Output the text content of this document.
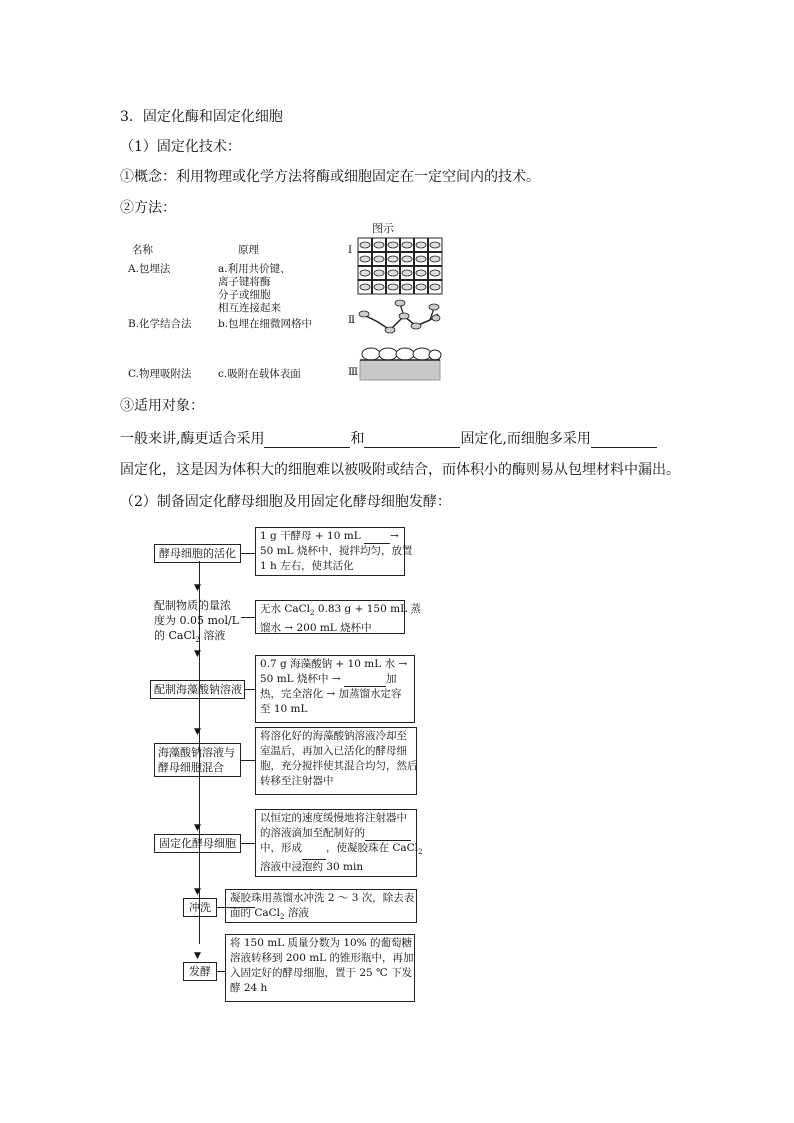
3．固定化酶和固定化细胞
（1）固定化技术：
①概念：利用物理或化学方法将酶或细胞固定在一定空间内的技术。
②方法：
图示
名称	原理
A.包埋法	a.利用共价键、
离子键将酶
分子或细胞
相互连接起来
B.化学结合法	b.包埋在细微网格中
C.物理吸附法	c.吸附在载体表面
Ⅰ
Ⅱ
Ⅲ
③适用对象：
一般来讲,酶更适合采用	和	固定化,而细胞多采用
固定化，这是因为体积大的细胞难以被吸附或结合，而体积小的酶则易从包埋材料中漏出。
（2）制备固定化酵母细胞及用固定化酵母细胞发酵：
▼
▼
▼
▼
▼
▼
酵母细胞的活化
1 g 干酵母 + 10 mL	→
50 mL 烧杯中，搅拌均匀，放置
1 h 左右，使其活化
配制物质的量浓
度为 0.05 mol/L
的 CaCl$_2$ 溶液
无水 CaCl$_2$ 0.83 g + 150 mL 蒸
馏水 → 200 mL 烧杯中
配制海藻酸钠溶液
0.7 g 海藻酸钠 + 10 mL 水 →
50 mL 烧杯中 →	加
热，完全溶化 → 加蒸馏水定容
至 10 mL
海藻酸钠溶液与
酵母细胞混合
将溶化好的海藻酸钠溶液冷却至
室温后，再加入已活化的酵母细
胞，充分搅拌使其混合均匀，然后
转移至注射器中
固定化酵母细胞
以恒定的速度缓慢地将注射器中
的溶液滴加至配制好的
中，形成 ，使凝胶珠在 CaCl$_2$
溶液中浸泡约 30 min
冲洗
凝胶珠用蒸馏水冲洗 2 ～ 3 次，除去表
面的 CaCl$_2$ 溶液
发酵
将 150 mL 质量分数为 10% 的葡萄糖
溶液转移到 200 mL 的锥形瓶中，再加
入固定好的酵母细胞，置于 25 ℃ 下发
酵 24 h
